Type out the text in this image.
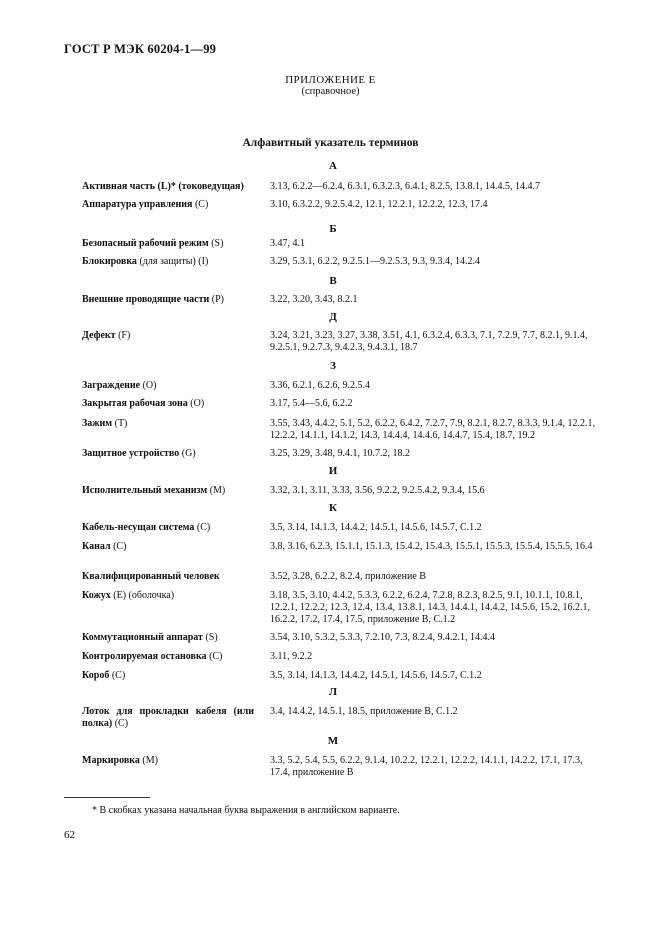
ГОСТ Р МЭК 60204-1—99
ПРИЛОЖЕНИЕ Е
(справочное)
Алфавитный указатель терминов
А
Б
В
Д
З
И
К
Л
М
Активная часть (L)* (токоведущая)	3.13, 6.2.2—6.2.4, 6.3.1, 6.3.2.3, 6.4.1, 8.2.5, 13.8.1, 14.4.5, 14.4.7
Аппаратура управления (С)	3.10, 6.3.2.2, 9.2.5.4.2, 12.1, 12.2.1, 12.2.2, 12.3, 17.4
Безопасный рабочий режим (S)	3.47, 4.1
Блокировка (для защиты) (I)	3.29, 5.3.1, 6.2.2, 9.2.5.1—9.2.5.3, 9.3, 9.3.4, 14.2.4
Внешние проводящие части (Р)	3.22, 3.20, 3.43, 8.2.1
Дефект (F)	3.24, 3.21, 3.23, 3.27, 3.38, 3.51, 4.1, 6.3.2.4, 6.3.3, 7.1, 7.2.9, 7.7, 8.2.1, 9.1.4, 9.2.5.1, 9.2.7.3, 9.4.2.3, 9.4.3.1, 18.7
Заграждение (О)	3.36, 6.2.1, 6.2.6, 9.2.5.4
Закрытая рабочая зона (О)	3.17, 5.4—5.6, 6.2.2
Зажим (Т)	3.55, 3.43, 4.4.2, 5.1, 5.2, 6.2.2, 6.4.2, 7.2.7, 7.9, 8.2.1, 8.2.7, 8.3.3, 9.1.4, 12.2.1, 12.2.2, 14.1.1, 14.1.2, 14.3, 14.4.4, 14.4.6, 14.4.7, 15.4, 18.7, 19.2
Защитное устройство (G)	3.25, 3.29, 3.48, 9.4.1, 10.7.2, 18.2
Исполнительный механизм (М)	3.32, 3.1, 3.11, 3.33, 3.56, 9.2.2, 9.2.5.4.2, 9.3.4, 15.6
Кабель-несущая система (С)	3.5, 3.14, 14.1.3, 14.4.2, 14.5.1, 14.5.6, 14.5.7, С.1.2
Канал (С)	3.8, 3.16, 6.2.3, 15.1.1, 15.1.3, 15.4.2, 15.4.3, 15.5.1, 15.5.3, 15.5.4, 15.5.5, 16.4
Квалифицированный человек	3.52, 3.28, 6.2.2, 8.2.4, приложение В
Кожух (Е) (оболочка)	3.18, 3.5, 3.10, 4.4.2, 5.3.3, 6.2.2, 6.2.4, 7.2.8, 8.2.3, 8.2.5, 9.1, 10.1.1, 10.8.1, 12.2.1, 12.2.2, 12.3, 12.4, 13.4, 13.8.1, 14.3, 14.4.1, 14.4.2, 14.5.6, 15.2, 16.2.1, 16.2.2, 17.2, 17.4, 17.5, приложение В, С.1.2
Коммутационный аппарат (S)	3.54, 3.10, 5.3.2, 5.3.3, 7.2.10, 7.3, 8.2.4, 9.4.2.1, 14.4.4
Контролируемая остановка (С)	3.11, 9.2.2
Короб (С)	3.5, 3.14, 14.1.3, 14.4.2, 14.5.1, 14.5.6, 14.5.7, С.1.2
Лоток для прокладки кабеля (или полка) (С)
3.4, 14.4.2, 14.5.1, 18.5, приложение В, С.1.2
Маркировка (М)	3.3, 5.2, 5.4, 5.5, 6.2.2, 9.1.4, 10.2.2, 12.2.1, 12.2.2, 14.1.1, 14.2.2, 17.1, 17.3, 17.4, приложение В
* В скобках указана начальная буква выражения в английском варианте.
62
